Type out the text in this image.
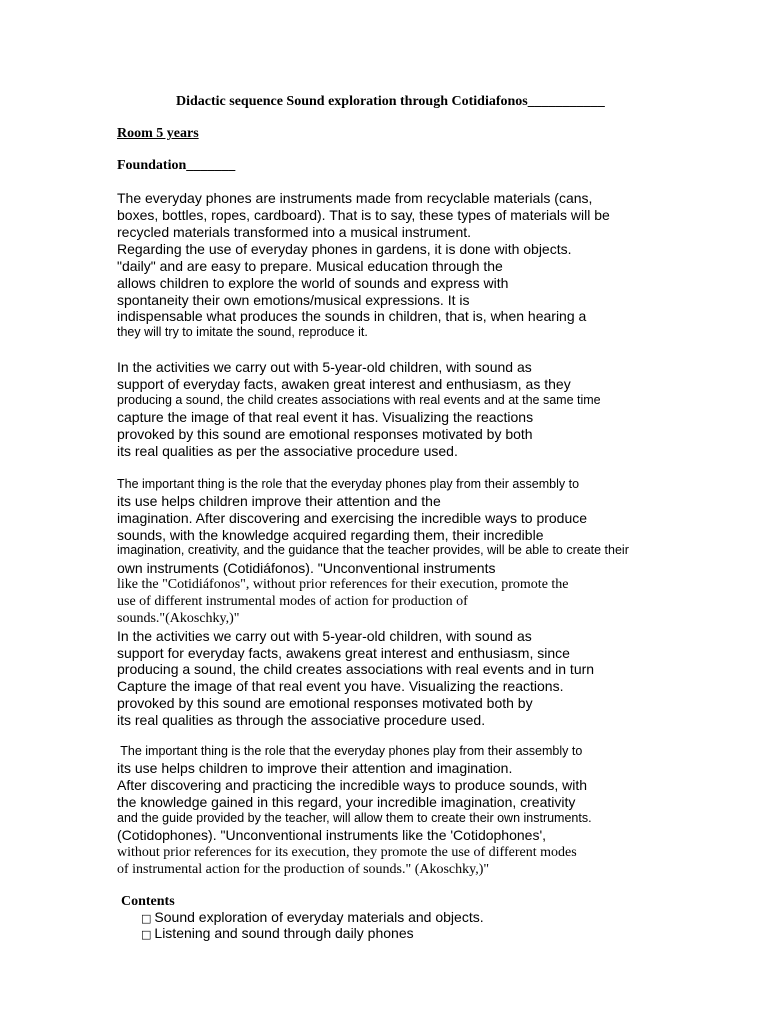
Didactic sequence Sound exploration through Cotidiafonos___________
Room 5 years
Foundation_______
The everyday phones are instruments made from recyclable materials (cans,
boxes, bottles, ropes, cardboard). That is to say, these types of materials will be
recycled materials transformed into a musical instrument.
Regarding the use of everyday phones in gardens, it is done with objects.
"daily" and are easy to prepare. Musical education through the
allows children to explore the world of sounds and express with
spontaneity their own emotions/musical expressions. It is
indispensable what produces the sounds in children, that is, when hearing a
they will try to imitate the sound, reproduce it.
In the activities we carry out with 5-year-old children, with sound as
support of everyday facts, awaken great interest and enthusiasm, as they
producing a sound, the child creates associations with real events and at the same time
capture the image of that real event it has. Visualizing the reactions
provoked by this sound are emotional responses motivated by both
its real qualities as per the associative procedure used.
The important thing is the role that the everyday phones play from their assembly to
its use helps children improve their attention and the
imagination. After discovering and exercising the incredible ways to produce
sounds, with the knowledge acquired regarding them, their incredible
imagination, creativity, and the guidance that the teacher provides, will be able to create their
own instruments (Cotidiáfonos). "Unconventional instruments
like the "Cotidiáfonos", without prior references for their execution, promote the
use of different instrumental modes of action for production of
sounds."(Akoschky,)"
In the activities we carry out with 5-year-old children, with sound as
support for everyday facts, awakens great interest and enthusiasm, since
producing a sound, the child creates associations with real events and in turn
Capture the image of that real event you have. Visualizing the reactions.
provoked by this sound are emotional responses motivated both by
its real qualities as through the associative procedure used.
The important thing is the role that the everyday phones play from their assembly to
its use helps children to improve their attention and imagination.
After discovering and practicing the incredible ways to produce sounds, with
the knowledge gained in this regard, your incredible imagination, creativity
and the guide provided by the teacher, will allow them to create their own instruments.
(Cotidophones). "Unconventional instruments like the 'Cotidophones',
without prior references for its execution, they promote the use of different modes
of instrumental action for the production of sounds." (Akoschky,)"
Contents
□ Sound exploration of everyday materials and objects.
□ Listening and sound through daily phones
